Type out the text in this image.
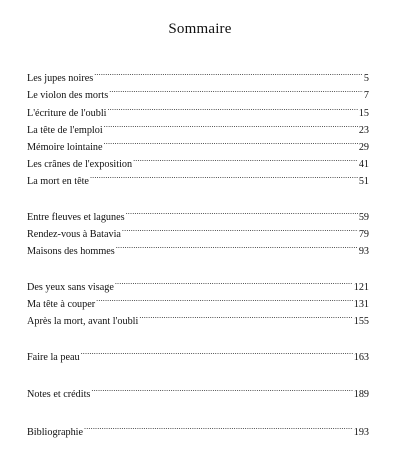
Sommaire
Les jupes noires .....	5
Le violon des morts .....	7
L'écriture de l'oubli .....	15
La tête de l'emploi .....	23
Mémoire lointaine .....	29
Les crânes de l'exposition .....	41
La mort en tête .....	51
Entre fleuves et lagunes .....	59
Rendez-vous à Batavia .....	79
Maisons des hommes .....	93
Des yeux sans visage .....	121
Ma tête à couper .....	131
Après la mort, avant l'oubli .....	155
Faire la peau .....	163
Notes et crédits .....	189
Bibliographie .....	193
